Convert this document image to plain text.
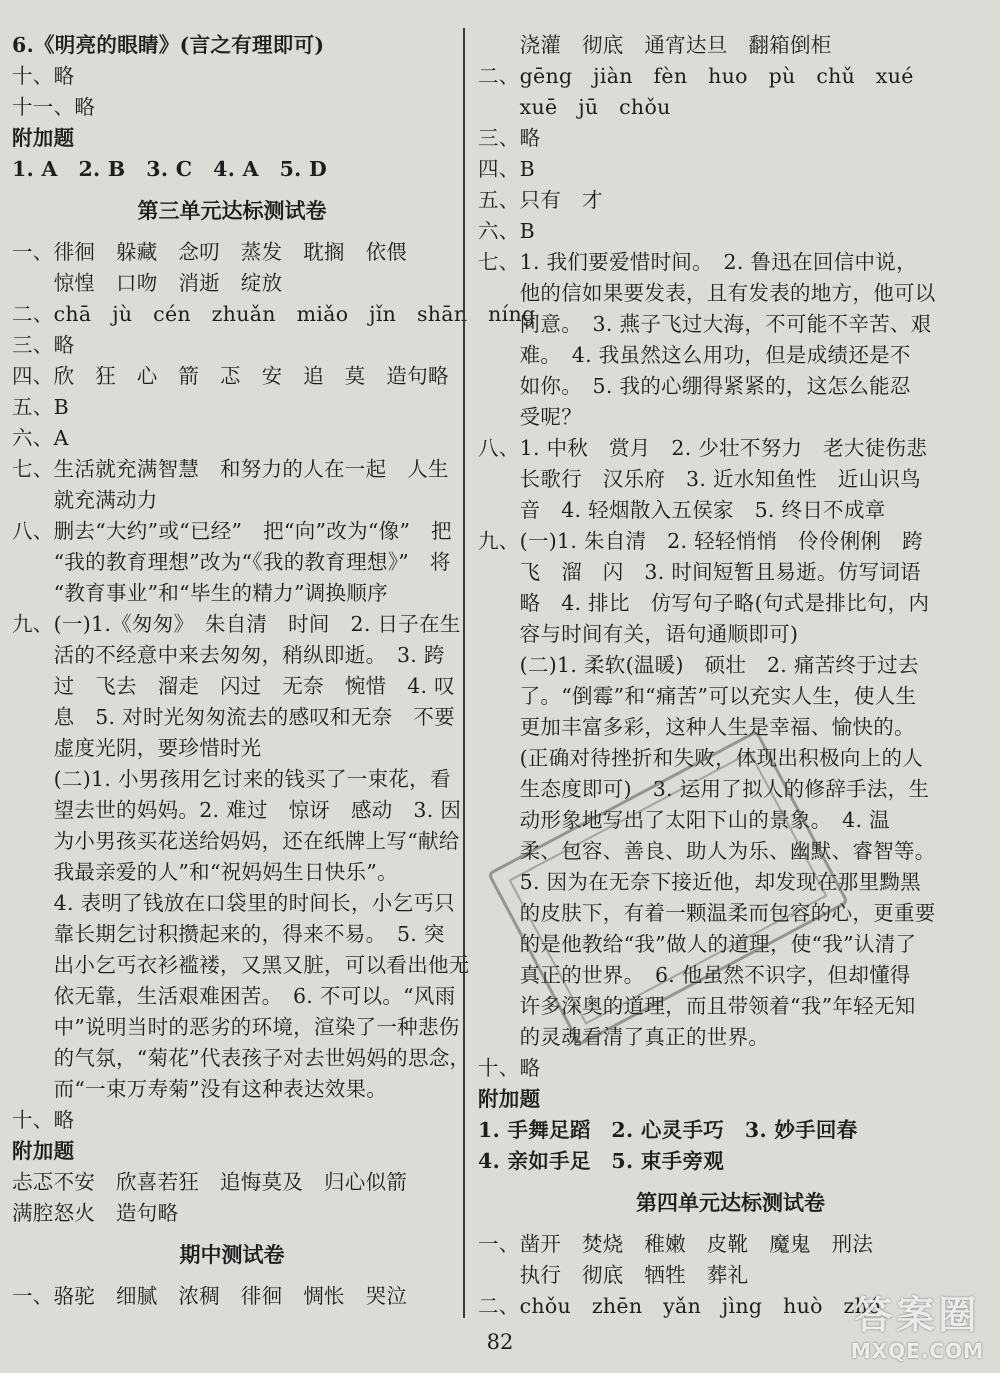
6.《明亮的眼睛》(言之有理即可)
十、略
十一、略
附加题
1. A　2. B　3. C　4. A　5. D
第三单元达标测试卷
一、徘徊　躲藏　念叨　蒸发　耽搁　依偎
　　惊惶　口吻　消逝　绽放
二、chā　jù　cén　zhuǎn　miǎo　jǐn　shān　níng
三、略
四、欣　狂　心　箭　忑　安　追　莫　造句略
五、B
六、A
七、生活就充满智慧　和努力的人在一起　人生
　　就充满动力
八、删去“大约”或“已经”　把“向”改为“像”　把
　　“我的教育理想”改为“《我的教育理想》”　将
　　“教育事业”和“毕生的精力”调换顺序
九、(一)1.《匆匆》　朱自清　时间　2. 日子在生
　　活的不经意中来去匆匆，稍纵即逝。　3. 跨
　　过　飞去　溜走　闪过　无奈　惋惜　4. 叹
　　息　5. 对时光匆匆流去的感叹和无奈　不要
　　虚度光阴，要珍惜时光
　　(二)1. 小男孩用乞讨来的钱买了一束花，看
　　望去世的妈妈。2. 难过　惊讶　感动　3. 因
　　为小男孩买花送给妈妈，还在纸牌上写“献给
　　我最亲爱的人”和“祝妈妈生日快乐”。
　　4. 表明了钱放在口袋里的时间长，小乞丐只
　　靠长期乞讨积攒起来的，得来不易。　5. 突
　　出小乞丐衣衫褴褛，又黑又脏，可以看出他无
　　依无靠，生活艰难困苦。　6. 不可以。“风雨
　　中”说明当时的恶劣的环境，渲染了一种悲伤
　　的气氛，“菊花”代表孩子对去世妈妈的思念，
　　而“一束万寿菊”没有这种表达效果。
十、略
附加题
忐忑不安　欣喜若狂　追悔莫及　归心似箭
满腔怒火　造句略
期中测试卷
一、骆驼　细腻　浓稠　徘徊　惆怅　哭泣
　　浇灌　彻底　通宵达旦　翻箱倒柜
二、gēng　jiàn　fèn　huo　pù　chǔ　xué
　　xuē　jū　chǒu
三、略
四、B
五、只有　才
六、B
七、1. 我们要爱惜时间。　2. 鲁迅在回信中说，
　　他的信如果要发表，且有发表的地方，他可以
　　同意。　3. 燕子飞过大海，不可能不辛苦、艰
　　难。　4. 我虽然这么用功，但是成绩还是不
　　如你。　5. 我的心绷得紧紧的，这怎么能忍
　　受呢？
八、1. 中秋　赏月　2. 少壮不努力　老大徒伤悲
　　长歌行　汉乐府　3. 近水知鱼性　近山识鸟
　　音　4. 轻烟散入五侯家　5. 终日不成章
九、(一)1. 朱自清　2. 轻轻悄悄　伶伶俐俐　跨
　　飞　溜　闪　3. 时间短暂且易逝。仿写词语
　　略　4. 排比　仿写句子略(句式是排比句，内
　　容与时间有关，语句通顺即可)
　　(二)1. 柔软(温暖)　硕壮　2. 痛苦终于过去
　　了。“倒霉”和“痛苦”可以充实人生，使人生
　　更加丰富多彩，这种人生是幸福、愉快的。
　　(正确对待挫折和失败，体现出积极向上的人
　　生态度即可)　3. 运用了拟人的修辞手法，生
　　动形象地写出了太阳下山的景象。　4. 温
　　柔、包容、善良、助人为乐、幽默、睿智等。
　　5. 因为在无奈下接近他，却发现在那里黝黑
　　的皮肤下，有着一颗温柔而包容的心，更重要
　　的是他教给“我”做人的道理，使“我”认清了
　　真正的世界。　6. 他虽然不识字，但却懂得
　　许多深奥的道理，而且带领着“我”年轻无知
　　的灵魂看清了真正的世界。
十、略
附加题
1. 手舞足蹈　2. 心灵手巧　3. 妙手回春
4. 亲如手足　5. 束手旁观
第四单元达标测试卷
一、凿开　焚烧　稚嫩　皮靴　魔鬼　刑法
　　执行　彻底　牺牲　葬礼
二、chǒu　zhēn　yǎn　jìng　huò　zhé
82
答案圈
MXQE.COM
